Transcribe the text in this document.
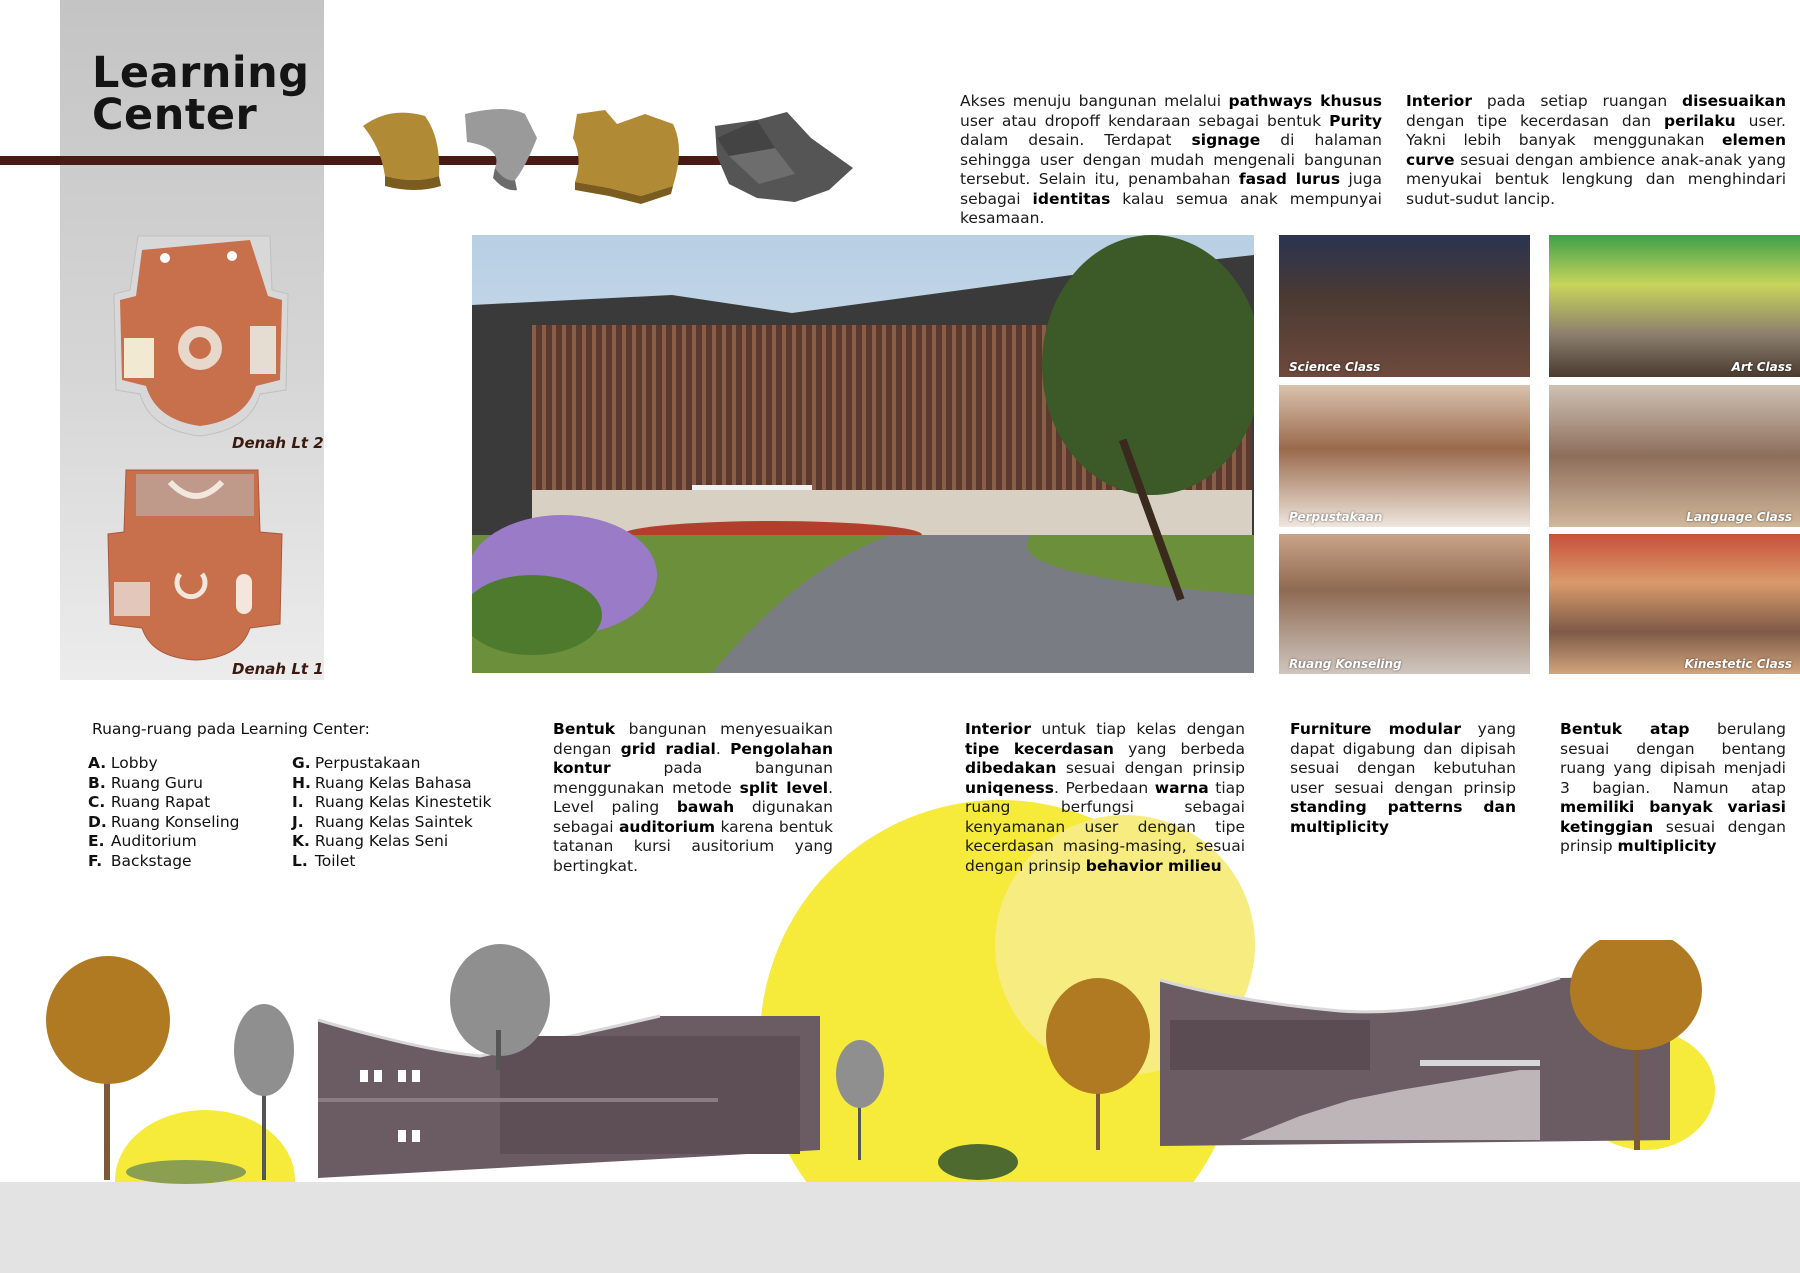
Learning
Center
Denah Lt 2
Denah Lt 1
Akses menuju bangunan melalui pathways khusus user atau dropoff kendaraan sebagai bentuk Purity dalam desain. Terdapat signage di halaman sehingga user dengan mudah mengenali bangunan tersebut. Selain itu, penambahan fasad lurus juga sebagai identitas kalau semua anak mempunyai kesamaan.
Interior pada setiap ruangan disesuaikan dengan tipe kecerdasan dan perilaku user. Yakni lebih banyak menggunakan elemen curve sesuai dengan ambience anak-anak yang menyukai bentuk lengkung dan menghindari sudut-sudut lancip.
Science Class	Art Class
Perpustakaan	Language Class
Ruang Konseling	Kinestetic Class
Ruang-ruang pada Learning Center:
A. Lobby
B. Ruang Guru
C. Ruang Rapat
D. Ruang Konseling
E. Auditorium
F. Backstage
G. Perpustakaan
H. Ruang Kelas Bahasa
I. Ruang Kelas Kinestetik
J. Ruang Kelas Saintek
K. Ruang Kelas Seni
L. Toilet
Bentuk bangunan menyesuaikan dengan grid radial. Pengolahan kontur pada bangunan menggunakan metode split level. Level paling bawah digunakan sebagai auditorium karena bentuk tatanan kursi ausitorium yang bertingkat.
Interior untuk tiap kelas dengan tipe kecerdasan yang berbeda dibedakan sesuai dengan prinsip uniqeness. Perbedaan warna tiap ruang berfungsi sebagai kenyamanan user dengan tipe kecerdasan masing-masing, sesuai dengan prinsip behavior milieu
Furniture modular yang dapat digabung dan dipisah sesuai dengan kebutuhan user sesuai dengan prinsip standing patterns dan multiplicity
Bentuk atap berulang sesuai dengan bentang ruang yang dipisah menjadi 3 bagian. Namun atap memiliki banyak variasi ketinggian sesuai dengan prinsip multiplicity
